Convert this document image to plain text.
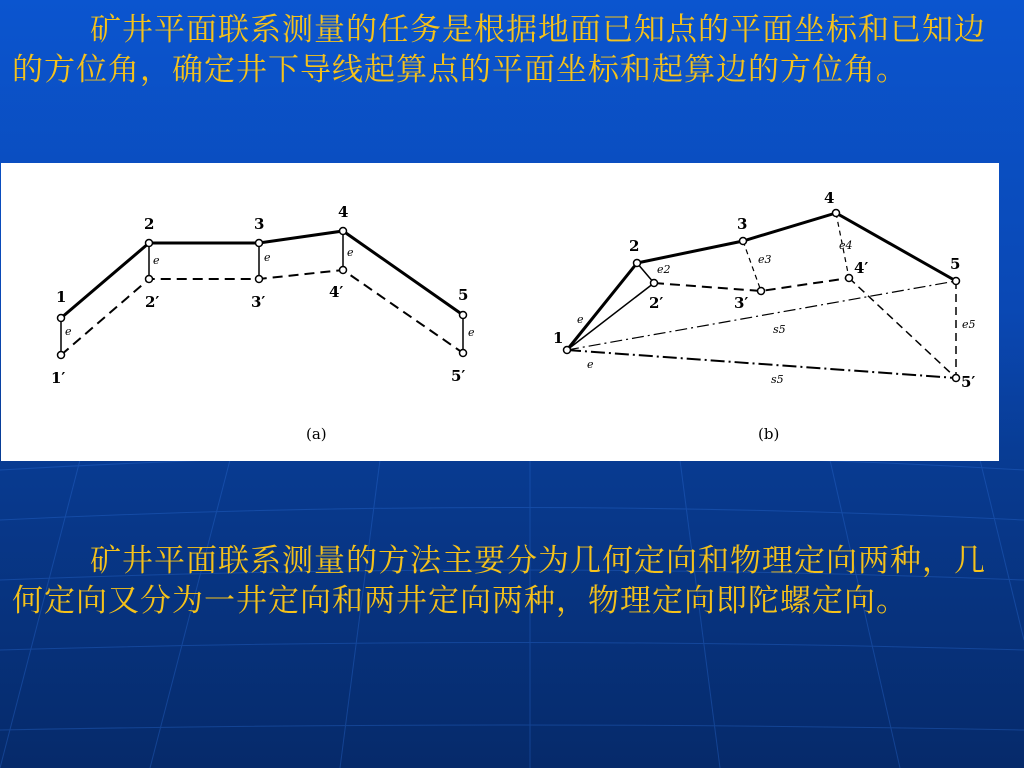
矿井平面联系测量的任务是根据地面已知点的平面坐标和已知边的方位角，确定井下导线起算点的平面坐标和起算边的方位角。

1
2	3
4
5
1′
2′	3′
4′
5′
e
e	e	e
e
(a)
1
2
3
4
5
2′	3′
4′
5′
e
e
e2
e3
e4
e5
s5
s5
(b)

矿井平面联系测量的方法主要分为几何定向和物理定向两种，几何定向又分为一井定向和两井定向两种，物理定向即陀螺定向。
